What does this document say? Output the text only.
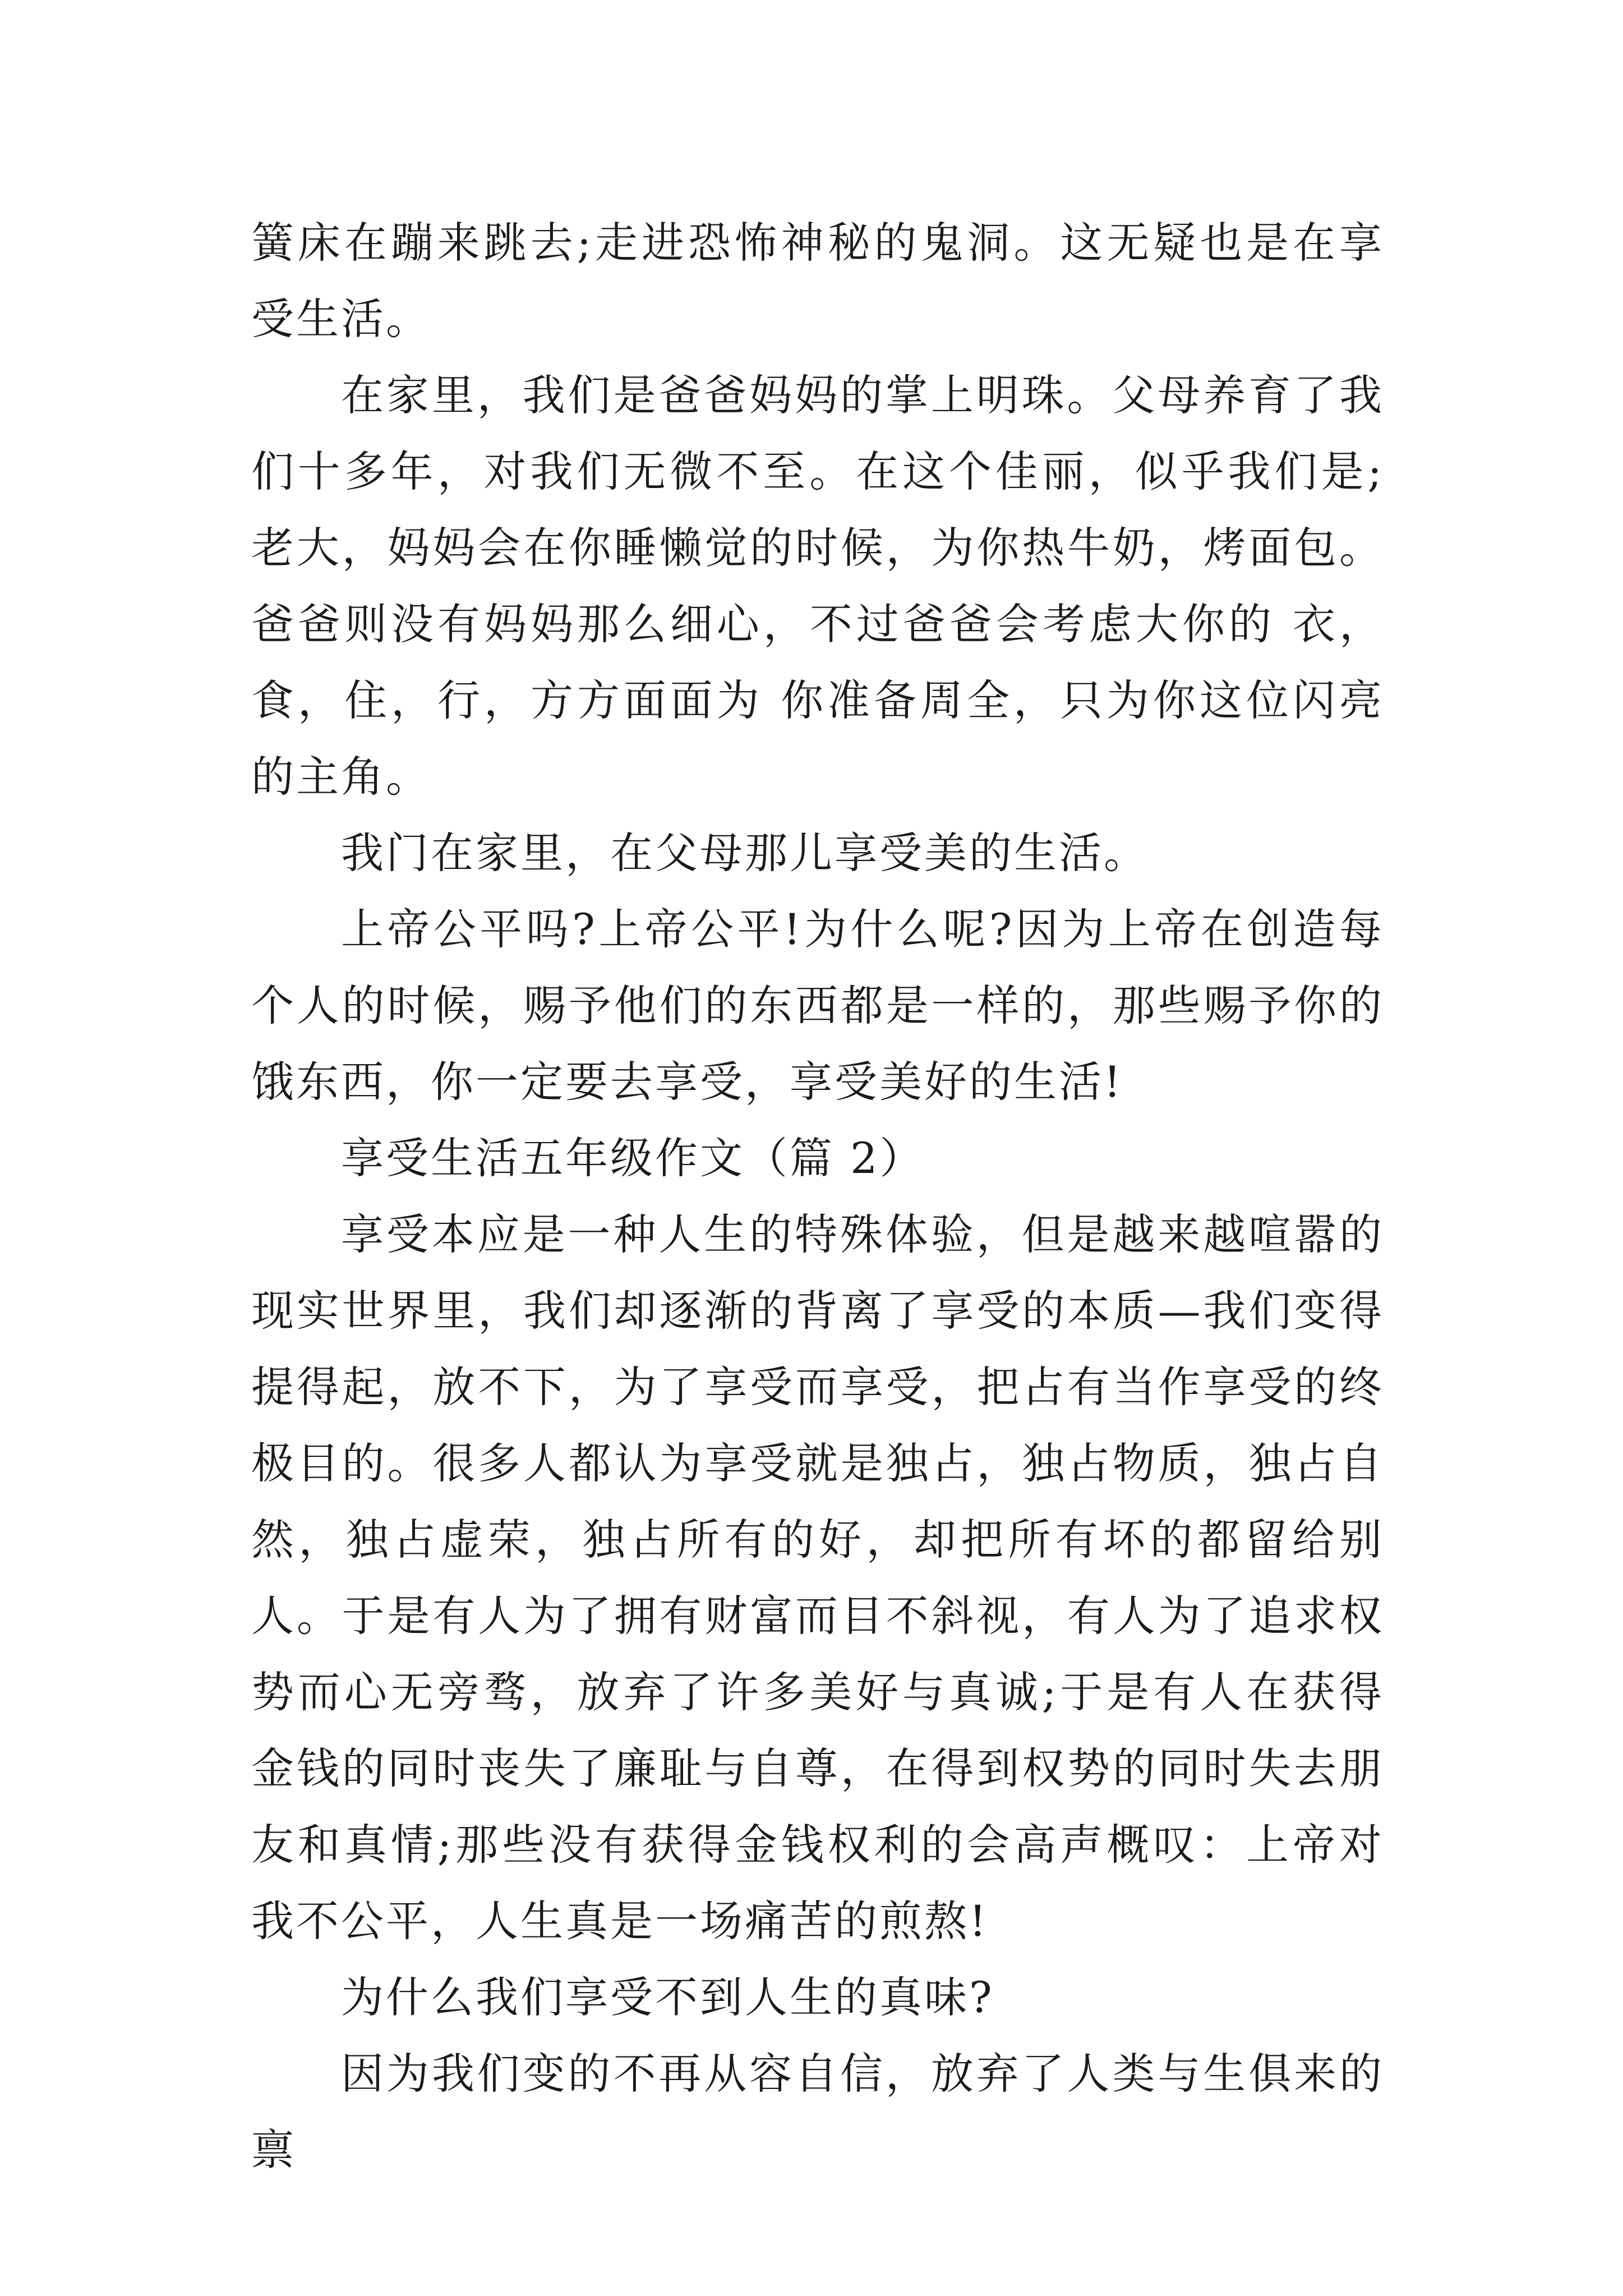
簧床在蹦来跳去;走进恐怖神秘的鬼洞。这无疑也是在享受生活。

在家里，我们是爸爸妈妈的掌上明珠。父母养育了我们十多年，对我们无微不至。在这个佳丽，似乎我们是;老大，妈妈会在你睡懒觉的时候，为你热牛奶，烤面包。爸爸则没有妈妈那么细心，不过爸爸会考虑大你的 衣，食，住，行，方方面面为 你准备周全，只为你这位闪亮的主角。

我门在家里，在父母那儿享受美的生活。

上帝公平吗?上帝公平!为什么呢?因为上帝在创造每个人的时候，赐予他们的东西都是一样的，那些赐予你的饿东西，你一定要去享受，享受美好的生活!

享受生活五年级作文（篇 2）

享受本应是一种人生的特殊体验，但是越来越喧嚣的现实世界里，我们却逐渐的背离了享受的本质—我们变得提得起，放不下，为了享受而享受，把占有当作享受的终极目的。很多人都认为享受就是独占，独占物质，独占自然，独占虚荣，独占所有的好，却把所有坏的都留给别人。于是有人为了拥有财富而目不斜视，有人为了追求权势而心无旁骛，放弃了许多美好与真诚;于是有人在获得金钱的同时丧失了廉耻与自尊，在得到权势的同时失去朋友和真情;那些没有获得金钱权利的会高声概叹：上帝对我不公平，人生真是一场痛苦的煎熬!

为什么我们享受不到人生的真味?

因为我们变的不再从容自信，放弃了人类与生俱来的禀
